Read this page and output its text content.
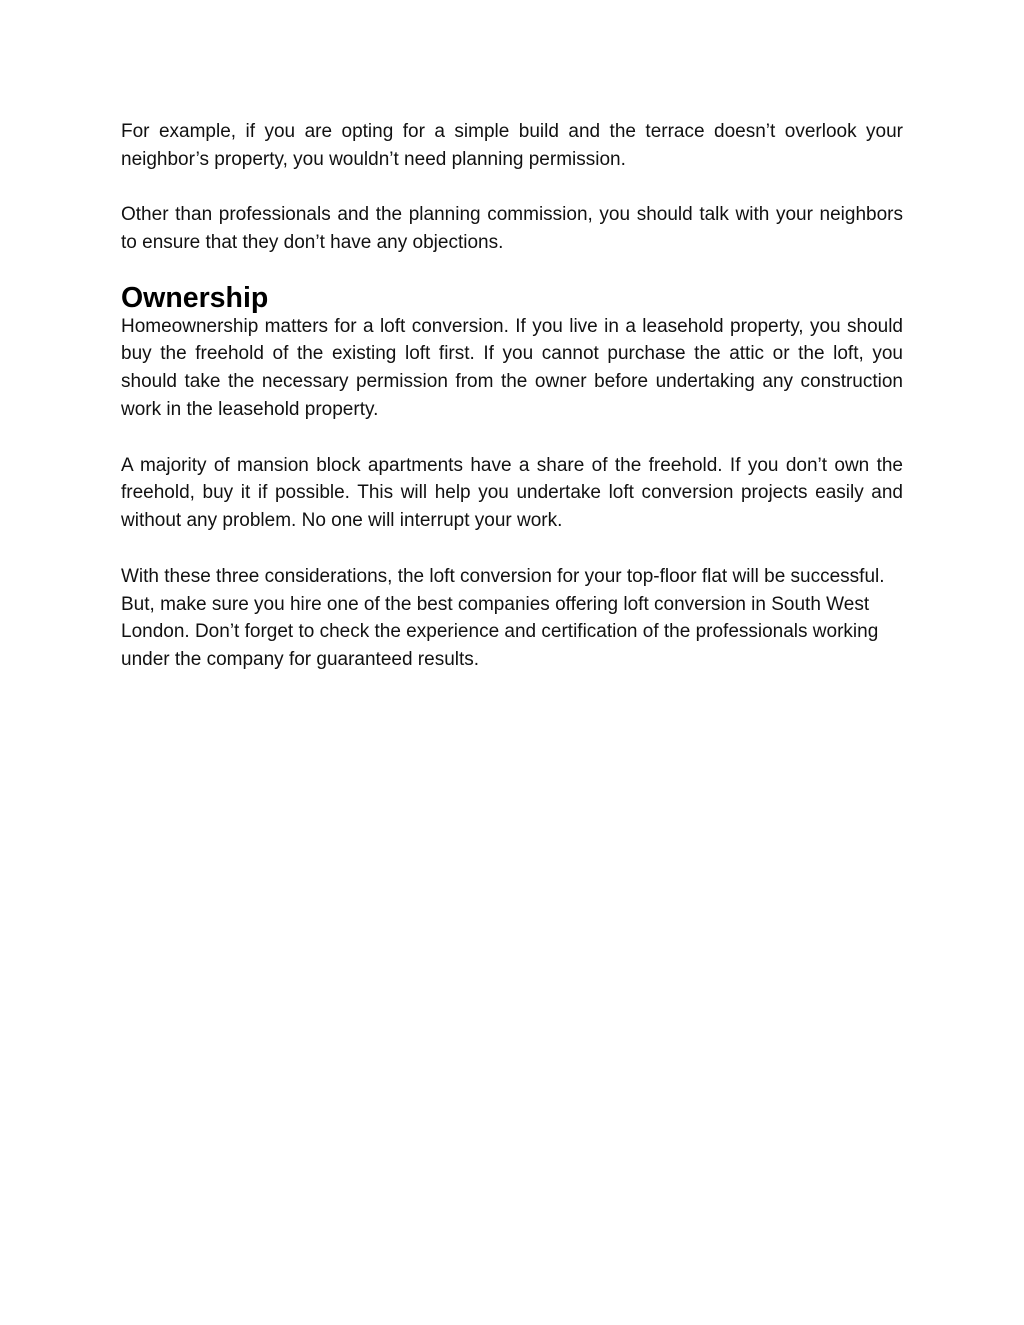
For example, if you are opting for a simple build and the terrace doesn’t overlook your neighbor’s property, you wouldn’t need planning permission.

Other than professionals and the planning commission, you should talk with your neighbors to ensure that they don’t have any objections.

Ownership

Homeownership matters for a loft conversion. If you live in a leasehold property, you should buy the freehold of the existing loft first. If you cannot purchase the attic or the loft, you should take the necessary permission from the owner before undertaking any construction work in the leasehold property.

A majority of mansion block apartments have a share of the freehold. If you don’t own the freehold, buy it if possible. This will help you undertake loft conversion projects easily and without any problem. No one will interrupt your work.

With these three considerations, the loft conversion for your top-floor flat will be successful. But, make sure you hire one of the best companies offering loft conversion in South West London. Don’t forget to check the experience and certification of the professionals working under the company for guaranteed results.
